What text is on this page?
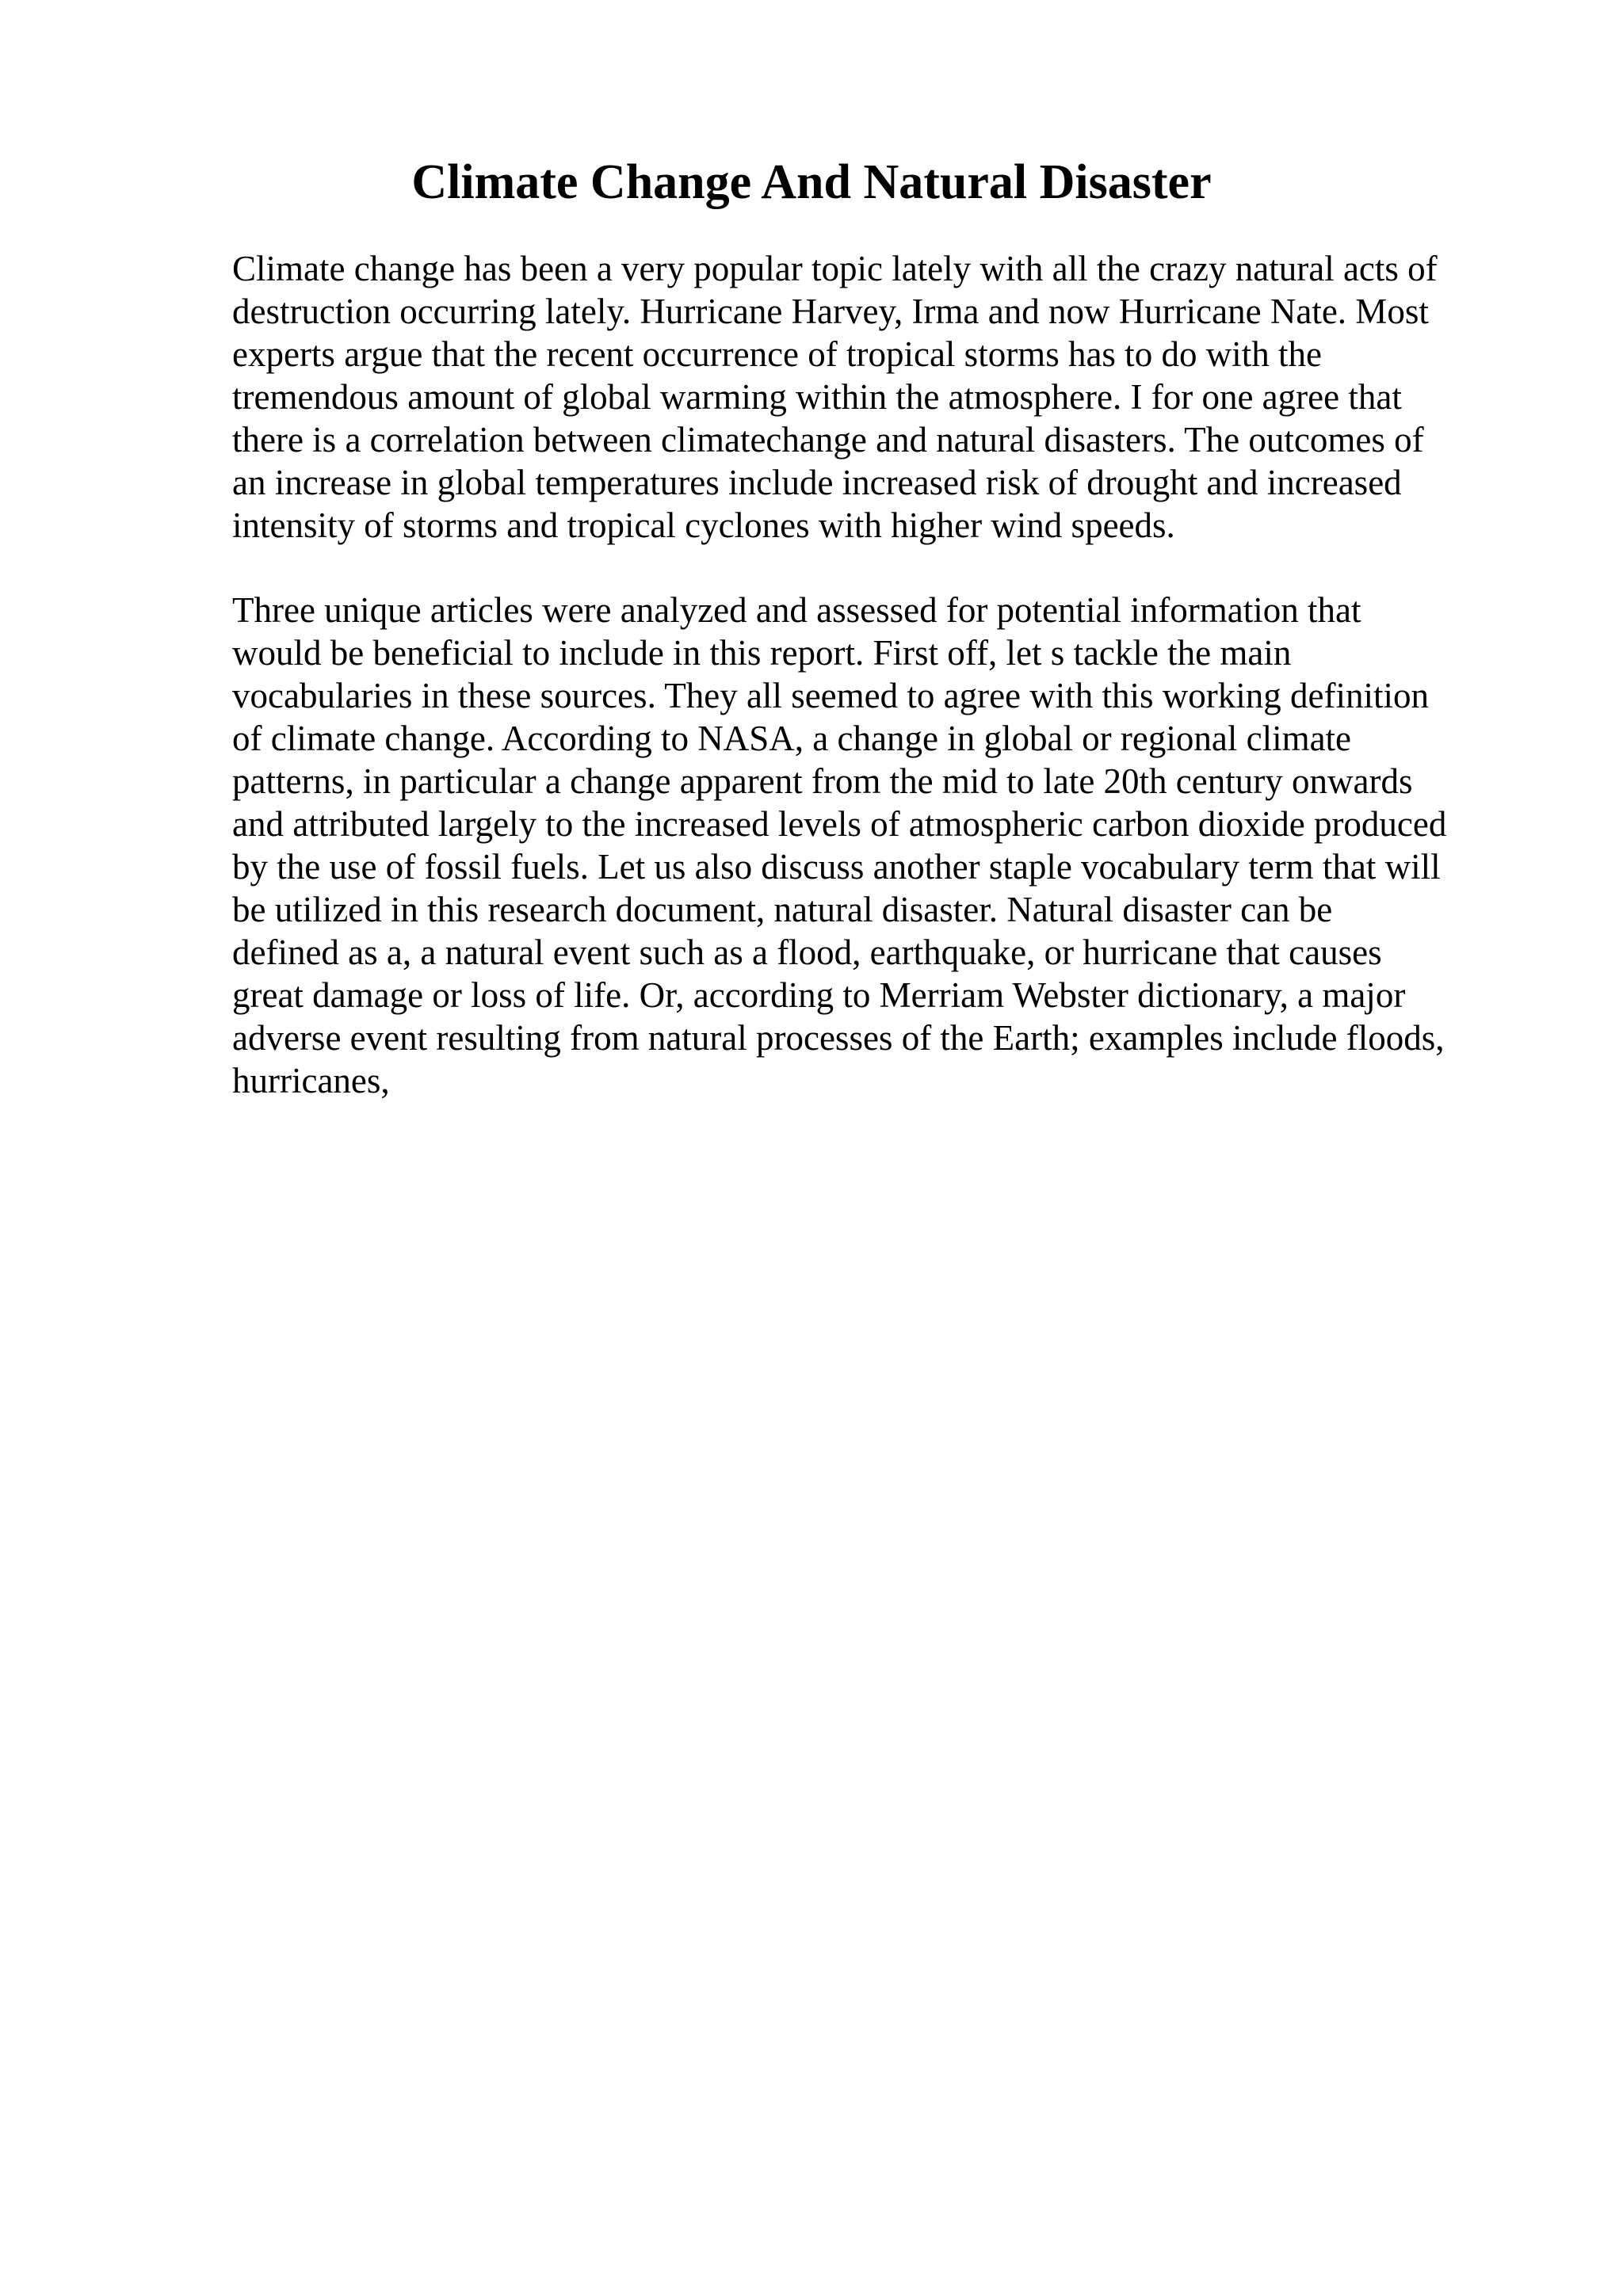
Climate Change And Natural Disaster
Climate change has been a very popular topic lately with all the crazy natural acts of
destruction occurring lately. Hurricane Harvey, Irma and now Hurricane Nate. Most
experts argue that the recent occurrence of tropical storms has to do with the
tremendous amount of global warming within the atmosphere. I for one agree that
there is a correlation between climatechange and natural disasters. The outcomes of
an increase in global temperatures include increased risk of drought and increased
intensity of storms and tropical cyclones with higher wind speeds.
Three unique articles were analyzed and assessed for potential information that
would be beneficial to include in this report. First off, let s tackle the main
vocabularies in these sources. They all seemed to agree with this working definition
of climate change. According to NASA, a change in global or regional climate
patterns, in particular a change apparent from the mid to late 20th century onwards
and attributed largely to the increased levels of atmospheric carbon dioxide produced
by the use of fossil fuels. Let us also discuss another staple vocabulary term that will
be utilized in this research document, natural disaster. Natural disaster can be
defined as a, a natural event such as a flood, earthquake, or hurricane that causes
great damage or loss of life. Or, according to Merriam Webster dictionary, a major
adverse event resulting from natural processes of the Earth; examples include floods,
hurricanes,
